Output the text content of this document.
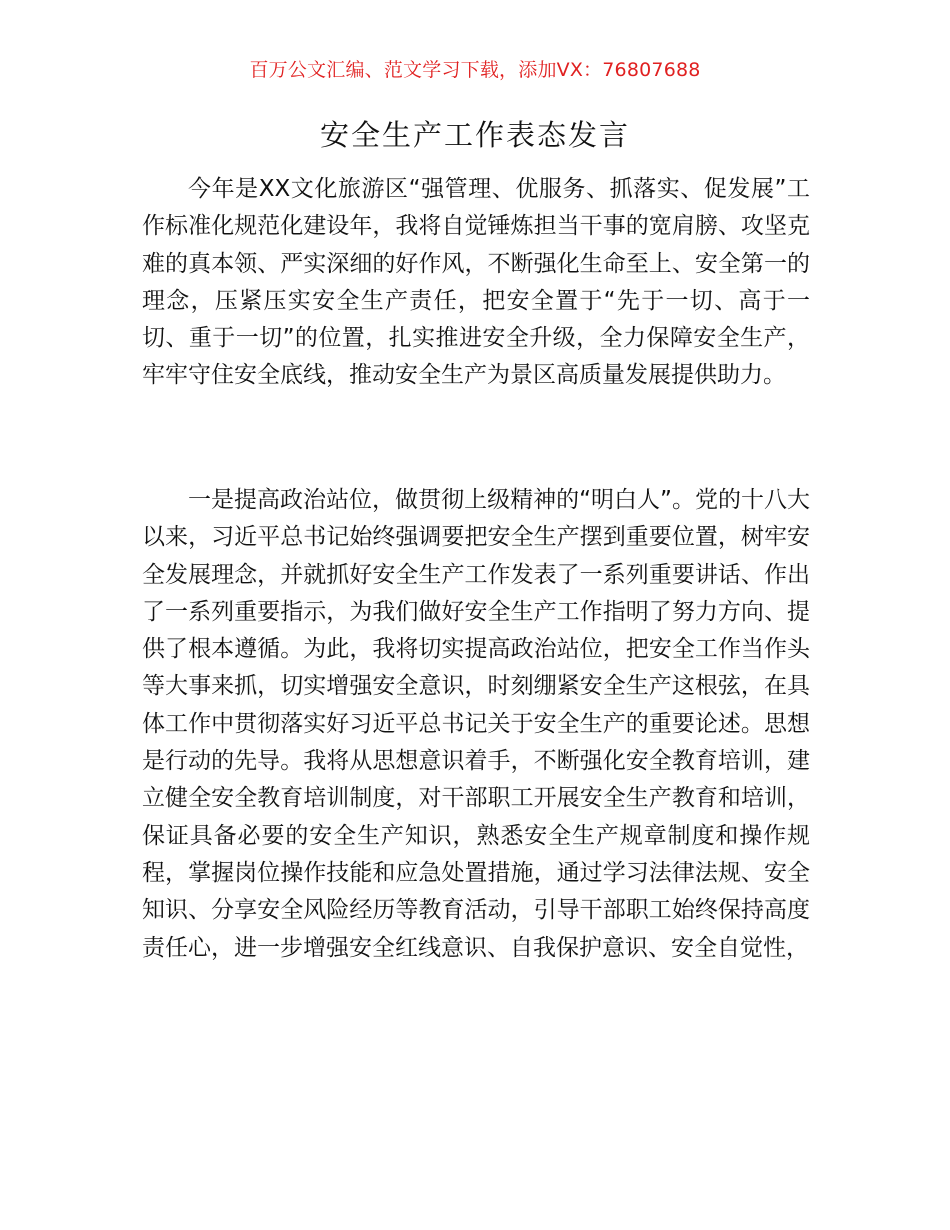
百万公文汇编、范文学习下载，添加VX：76807688
安全生产工作表态发言

今年是XX文化旅游区“强管理、优服务、抓落实、促发展”工作标准化规范化建设年，我将自觉锤炼担当干事的宽肩膀、攻坚克难的真本领、严实深细的好作风，不断强化生命至上、安全第一的理念，压紧压实安全生产责任，把安全置于“先于一切、高于一切、重于一切”的位置，扎实推进安全升级，全力保障安全生产，牢牢守住安全底线，推动安全生产为景区高质量发展提供助力。

一是提高政治站位，做贯彻上级精神的“明白人”。党的十八大以来，习近平总书记始终强调要把安全生产摆到重要位置，树牢安全发展理念，并就抓好安全生产工作发表了一系列重要讲话、作出了一系列重要指示，为我们做好安全生产工作指明了努力方向、提供了根本遵循。为此，我将切实提高政治站位，把安全工作当作头等大事来抓，切实增强安全意识，时刻绷紧安全生产这根弦，在具体工作中贯彻落实好习近平总书记关于安全生产的重要论述。思想是行动的先导。我将从思想意识着手，不断强化安全教育培训，建立健全安全教育培训制度，对干部职工开展安全生产教育和培训，保证具备必要的安全生产知识，熟悉安全生产规章制度和操作规程，掌握岗位操作技能和应急处置措施，通过学习法律法规、安全知识、分享安全风险经历等教育活动，引导干部职工始终保持高度责任心，进一步增强安全红线意识、自我保护意识、安全自觉性，
